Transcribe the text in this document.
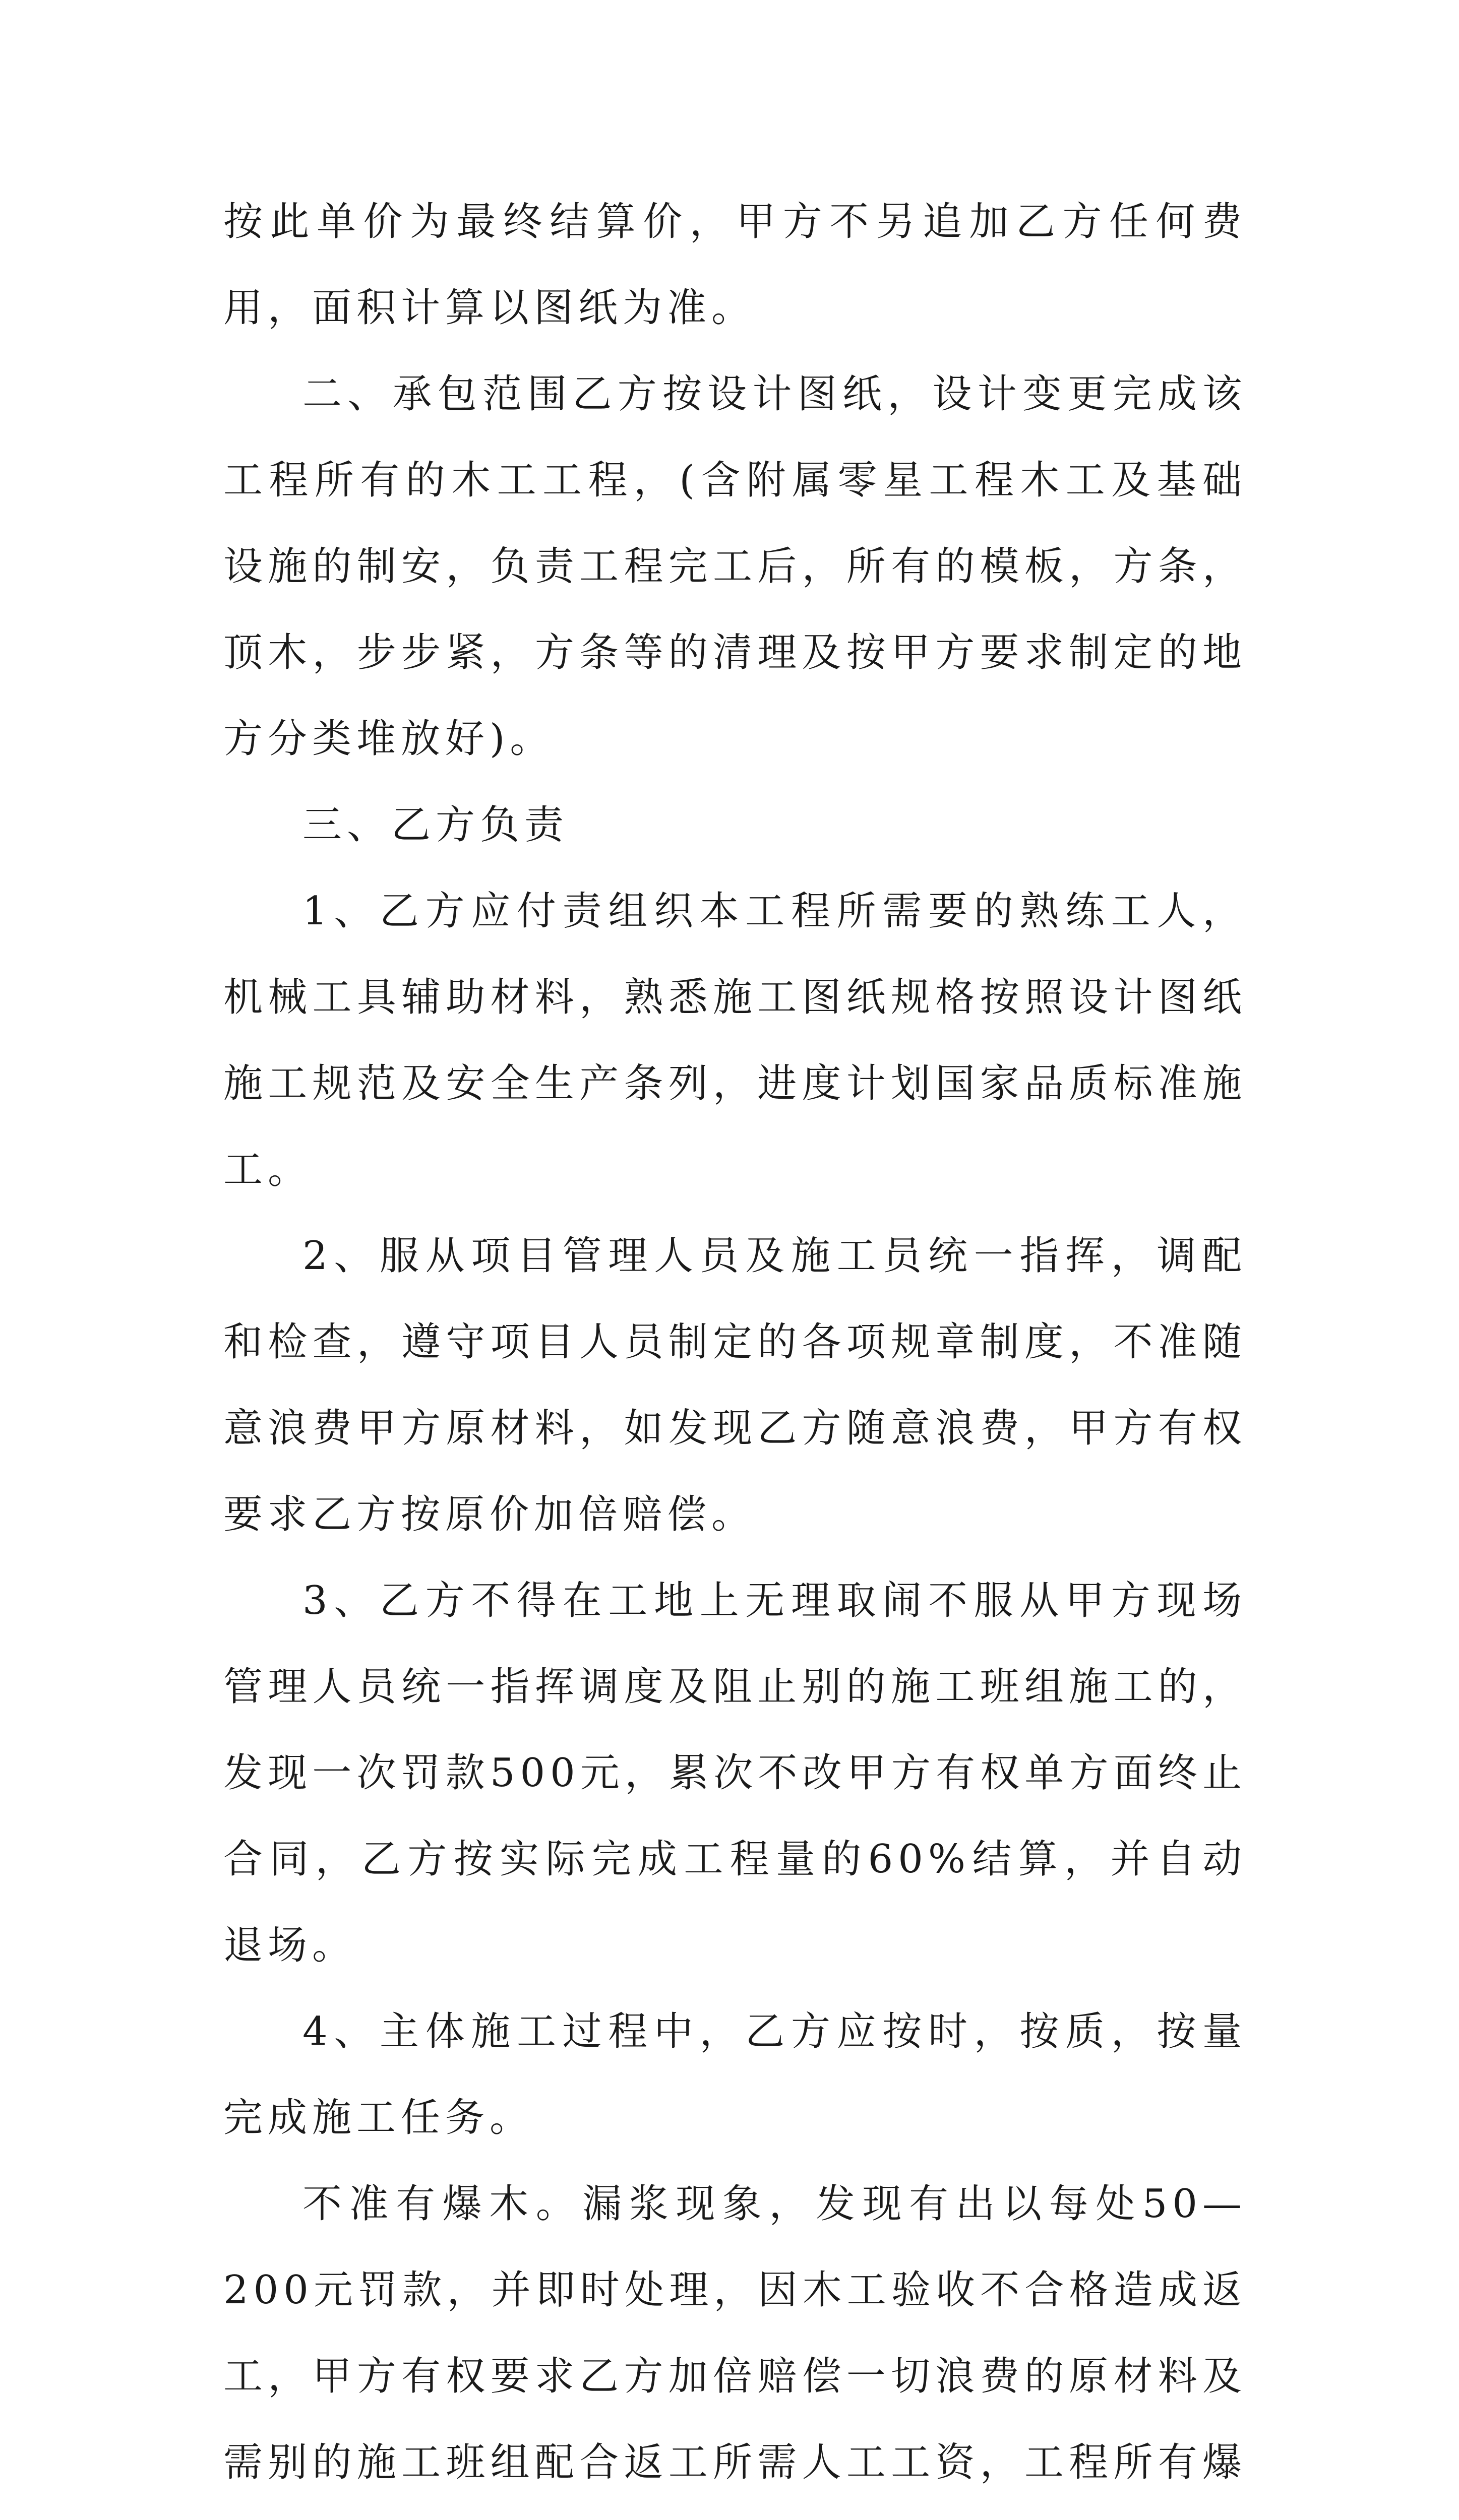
按此单价为最终结算价，甲方不另追加乙方任何费用，面积计算以图纸为准。

二、承包范围乙方按设计图纸，设计变更完成该工程所有的木工工程，(含附属零星工程木工及基础设施的制安，负责工程完工后，所有的模板，方条，顶木，步步紧，方条等的清理及按甲方要求制定的地方分类堆放好)。

三、乙方负责

1、乙方应付责组织本工程所需要的熟练工人，机械工具辅助材料，熟悉施工图纸规格按照设计图纸施工规范及安全生产条列，进度计划国家品质标准施工。

2、服从项目管理人员及施工员统一指挥，调配和检查，遵守项目人员制定的各项规章制度，不准随意浪费甲方原材料，如发现乙方随意浪费，甲方有权要求乙方按原价加倍赔偿。

3、乙方不得在工地上无理取闹不服从甲方现场管理人员统一指挥调度及阻止别的施工班组施工的，发现一次罚款500元，累次不改甲方有权单方面终止合同，乙方按实际完成工程量的60%结算，并自动退场。

4、主体施工过程中，乙方应按时，按质，按量完成施工任务。

不准有爆木。漏浆现象，发现有出以每处50—200元罚款，并即时处理，因木工验收不合格造成返工，甲方有权要求乙方加倍赔偿一切浪费的原材料及需别的施工班组配合返工所需人工工资，工程所有爆
